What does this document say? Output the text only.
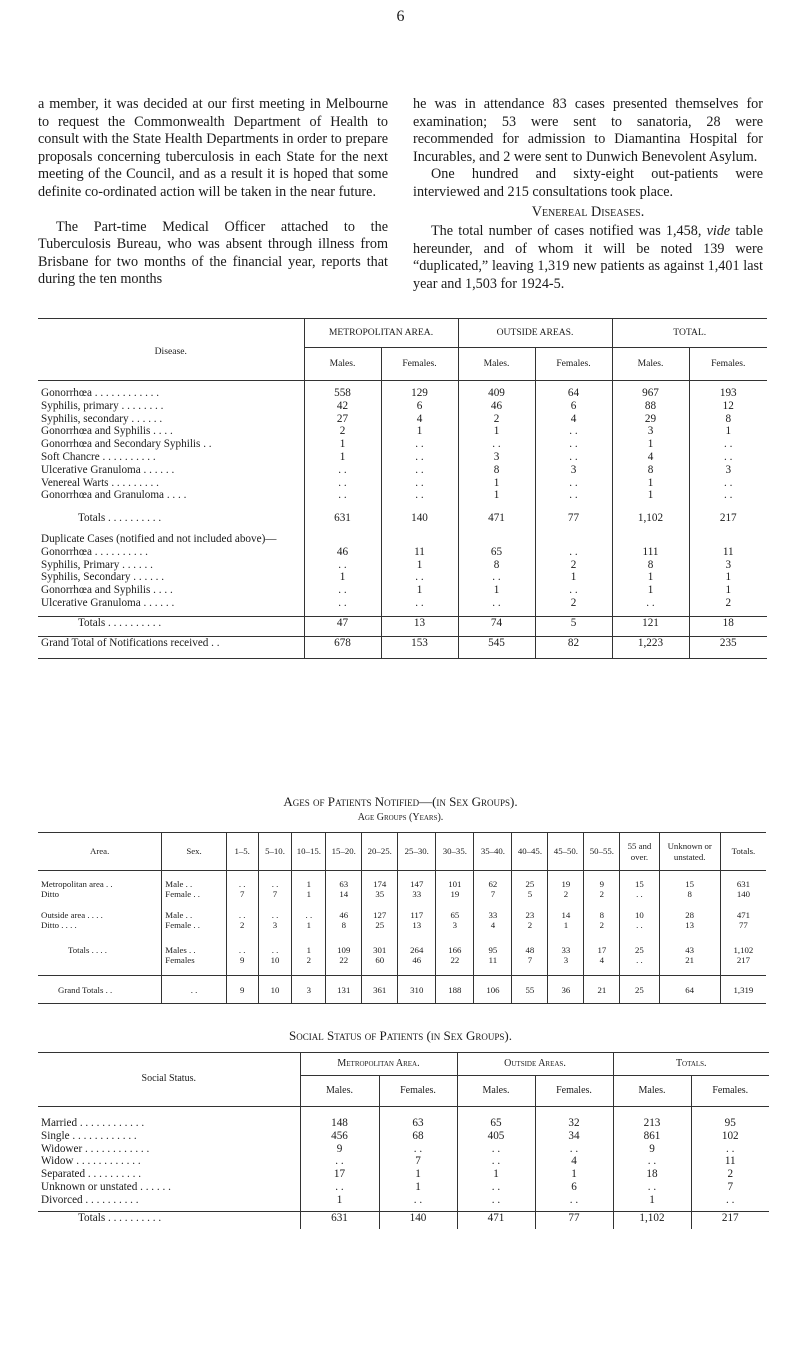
6

a member, it was decided at our first meeting in Melbourne to request the Commonwealth Department of Health to consult with the State Health Departments in order to prepare proposals concerning tuberculosis in each State for the next meeting of the Council, and as a result it is hoped that some definite co-ordinated action will be taken in the near future.

The Part-time Medical Officer attached to the Tuberculosis Bureau, who was absent through illness from Brisbane for two months of the financial year, reports that during the ten months

he was in attendance 83 cases presented themselves for examination; 53 were sent to sanatoria, 28 were recommended for admission to Diamantina Hospital for Incurables, and 2 were sent to Dunwich Benevolent Asylum.

One hundred and sixty-eight out-patients were interviewed and 215 consultations took place.

Venereal Diseases.

The total number of cases notified was 1,458, vide table hereunder, and of whom it will be noted 139 were “duplicated,” leaving 1,319 new patients as against 1,401 last year and 1,503 for 1924-5.

Disease.	METROPOLITAN AREA.		OUTSIDE AREAS.		TOTAL.	
	Males.	Females.	Males.	Females.	Males.	Females.

Gonorrhœa . . . . . . . . . . . .	558	129	409	64	967	193
Syphilis, primary . . . . . . . .	42	6	46	6	88	12
Syphilis, secondary . . . . . .	27	4	2	4	29	8
Gonorrhœa and Syphilis . . . .	2	1	1	. .	3	1
Gonorrhœa and Secondary Syphilis . .	1	. .	. .	. .	1	. .
Soft Chancre . . . . . . . . . .	1	. .	3	. .	4	. .
Ulcerative Granuloma . . . . . .	. .	. .	8	3	8	3
Venereal Warts . . . . . . . . .	. .	. .	1	. .	1	. .
Gonorrhœa and Granuloma . . . .	. .	. .	1	. .	1	. .

Totals . . . . . . . . . .	631	140	471	77	1,102	217

Duplicate Cases (notified and not included above)—						
Gonorrhœa . . . . . . . . . .	46	11	65	. .	111	11
Syphilis, Primary . . . . . .	. .	1	8	2	8	3
Syphilis, Secondary . . . . . .	1	. .	. .	1	1	1
Gonorrhœa and Syphilis . . . .	. .	1	1	. .	1	1
Ulcerative Granuloma . . . . . .	. .	. .	. .	2	. .	2

Totals . . . . . . . . . .	47	13	74	5	121	18
Grand Total of Notifications received . .	678	153	545	82	1,223	235
Ages of Patients Notified—(in Sex Groups).
Age Groups (Years).
Area.	Sex.	1–5.	5–10.	10–15.	15–20.	20–25.	25–30.	30–35.	35–40.	40–45.	45–50.	50–55.	55 and over.	Unknown or unstated.	Totals.

Metropolitan area . .	Male . .	. .	. .	1	63	174	147	101	62	25	19	9	15	15	631
Ditto	Female . .	7	7	1	14	35	33	19	7	5	2	2	. .	8	140

Outside area . . . .	Male . .	. .	. .	. .	46	127	117	65	33	23	14	8	10	28	471
Ditto . . . .	Female . .	2	3	1	8	25	13	3	4	2	1	2	. .	13	77

Totals . . . .	Males . .	. .	. .	1	109	301	264	166	95	48	33	17	25	43	1,102
	Females	9	10	2	22	60	46	22	11	7	3	4	. .	21	217

Grand Totals . .	. .	9	10	3	131	361	310	188	106	55	36	21	25	64	1,319
Social Status of Patients (in Sex Groups).
Social Status.	Metropolitan Area.		Outside Areas.		Totals.	
	Males.	Females.	Males.	Females.	Males.	Females.

Married . . . . . . . . . . . .	148	63	65	32	213	95
Single . . . . . . . . . . . .	456	68	405	34	861	102
Widower . . . . . . . . . . . .	9	. .	. .	. .	9	. .
Widow . . . . . . . . . . . .	. .	7	. .	4	. .	11
Separated . . . . . . . . . .	17	1	1	1	18	2
Unknown or unstated . . . . . .	. .	1	. .	6	. .	7
Divorced . . . . . . . . . .	1	. .	. .	. .	1	. .

Totals . . . . . . . . . .	631	140	471	77	1,102	217
